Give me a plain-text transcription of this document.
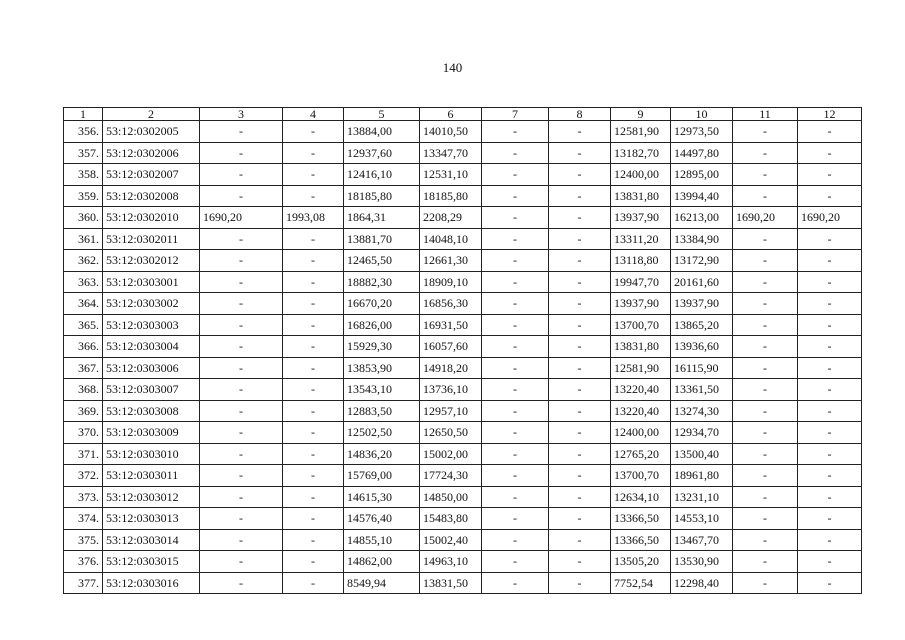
140
1	2	3	4	5	6	7	8	9	10	11	12
356.	53:12:0302005	-	-	13884,00	14010,50	-	-	12581,90	12973,50	-	-
357.	53:12:0302006	-	-	12937,60	13347,70	-	-	13182,70	14497,80	-	-
358.	53:12:0302007	-	-	12416,10	12531,10	-	-	12400,00	12895,00	-	-
359.	53:12:0302008	-	-	18185,80	18185,80	-	-	13831,80	13994,40	-	-
360.	53:12:0302010	1690,20	1993,08	1864,31	2208,29	-	-	13937,90	16213,00	1690,20	1690,20
361.	53:12:0302011	-	-	13881,70	14048,10	-	-	13311,20	13384,90	-	-
362.	53:12:0302012	-	-	12465,50	12661,30	-	-	13118,80	13172,90	-	-
363.	53:12:0303001	-	-	18882,30	18909,10	-	-	19947,70	20161,60	-	-
364.	53:12:0303002	-	-	16670,20	16856,30	-	-	13937,90	13937,90	-	-
365.	53:12:0303003	-	-	16826,00	16931,50	-	-	13700,70	13865,20	-	-
366.	53:12:0303004	-	-	15929,30	16057,60	-	-	13831,80	13936,60	-	-
367.	53:12:0303006	-	-	13853,90	14918,20	-	-	12581,90	16115,90	-	-
368.	53:12:0303007	-	-	13543,10	13736,10	-	-	13220,40	13361,50	-	-
369.	53:12:0303008	-	-	12883,50	12957,10	-	-	13220,40	13274,30	-	-
370.	53:12:0303009	-	-	12502,50	12650,50	-	-	12400,00	12934,70	-	-
371.	53:12:0303010	-	-	14836,20	15002,00	-	-	12765,20	13500,40	-	-
372.	53:12:0303011	-	-	15769,00	17724,30	-	-	13700,70	18961,80	-	-
373.	53:12:0303012	-	-	14615,30	14850,00	-	-	12634,10	13231,10	-	-
374.	53:12:0303013	-	-	14576,40	15483,80	-	-	13366,50	14553,10	-	-
375.	53:12:0303014	-	-	14855,10	15002,40	-	-	13366,50	13467,70	-	-
376.	53:12:0303015	-	-	14862,00	14963,10	-	-	13505,20	13530,90	-	-
377.	53:12:0303016	-	-	8549,94	13831,50	-	-	7752,54	12298,40	-	-
